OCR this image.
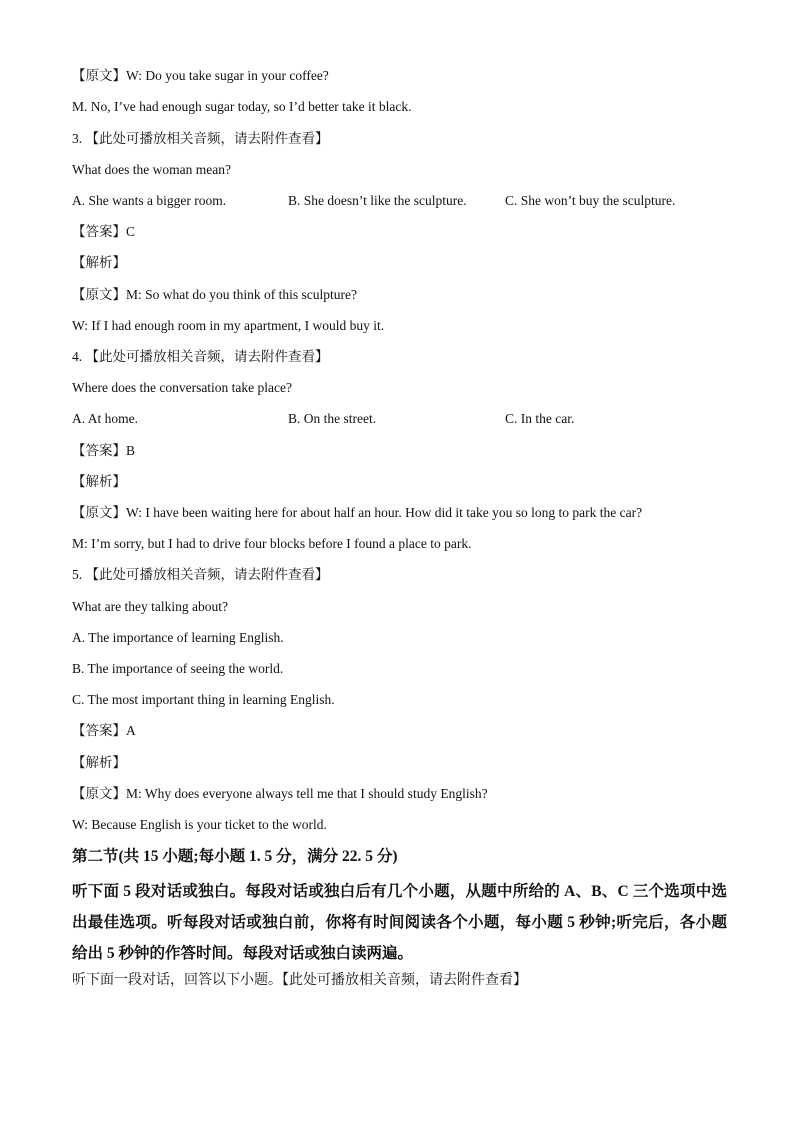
【原文】W: Do you take sugar in your coffee?
M. No, I’ve had enough sugar today, so I’d better take it black.
3. 【此处可播放相关音频，请去附件查看】
What does the woman mean?
A. She wants a bigger room.	B. She doesn’t like the sculpture.	C. She won’t buy the sculpture.
【答案】C
【解析】
【原文】M: So what do you think of this sculpture?
W: If I had enough room in my apartment, I would buy it.
4. 【此处可播放相关音频，请去附件查看】
Where does the conversation take place?
A. At home.	B. On the street.	C. In the car.
【答案】B
【解析】
【原文】W: I have been waiting here for about half an hour. How did it take you so long to park the car?
M: I’m sorry, but I had to drive four blocks before I found a place to park.
5. 【此处可播放相关音频，请去附件查看】
What are they talking about?
A. The importance of learning English.
B. The importance of seeing the world.
C. The most important thing in learning English.
【答案】A
【解析】
【原文】M: Why does everyone always tell me that I should study English?
W: Because English is your ticket to the world.
第二节(共 15 小题;每小题 1. 5 分，满分 22. 5 分)
听下面 5 段对话或独白。每段对话或独白后有几个小题，从题中所给的 A、B、C 三个选项中选出最佳选项。听每段对话或独白前，你将有时间阅读各个小题，每小题 5 秒钟;听完后，各小题给出 5 秒钟的作答时间。每段对话或独白读两遍。
听下面一段对话，回答以下小题。【此处可播放相关音频，请去附件查看】
